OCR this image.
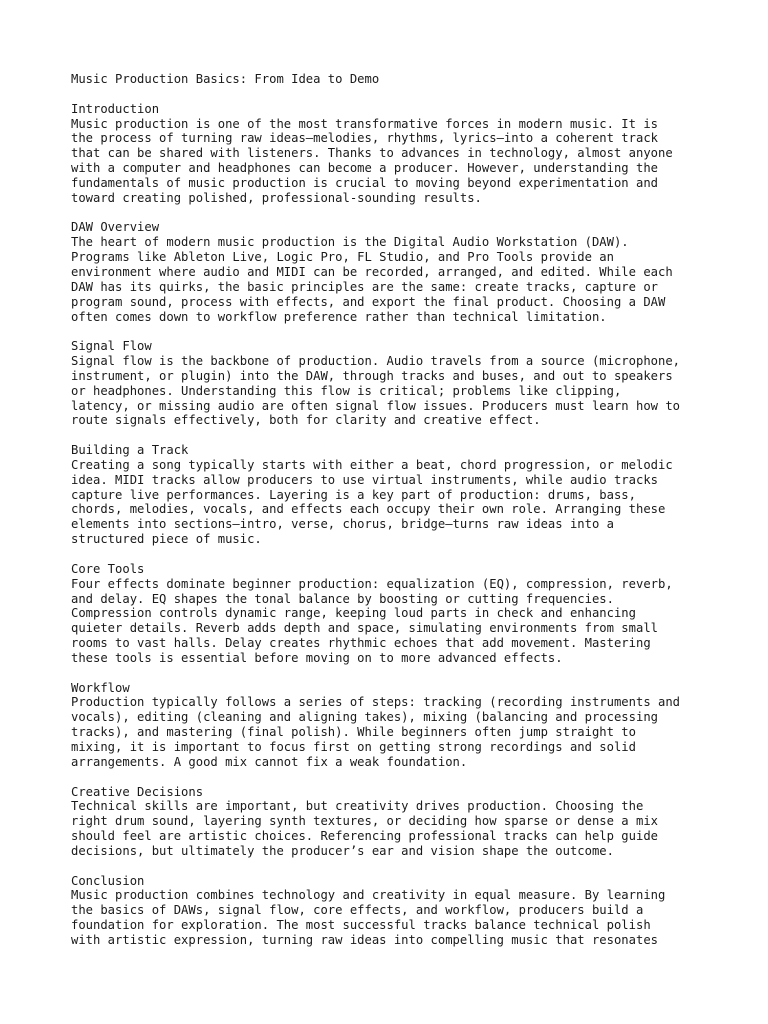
Music Production Basics: From Idea to Demo
Introduction
Music production is one of the most transformative forces in modern music. It is
the process of turning raw ideas—melodies, rhythms, lyrics—into a coherent track
that can be shared with listeners. Thanks to advances in technology, almost anyone
with a computer and headphones can become a producer. However, understanding the
fundamentals of music production is crucial to moving beyond experimentation and
toward creating polished, professional-sounding results.
DAW Overview
The heart of modern music production is the Digital Audio Workstation (DAW).
Programs like Ableton Live, Logic Pro, FL Studio, and Pro Tools provide an
environment where audio and MIDI can be recorded, arranged, and edited. While each
DAW has its quirks, the basic principles are the same: create tracks, capture or
program sound, process with effects, and export the final product. Choosing a DAW
often comes down to workflow preference rather than technical limitation.
Signal Flow
Signal flow is the backbone of production. Audio travels from a source (microphone,
instrument, or plugin) into the DAW, through tracks and buses, and out to speakers
or headphones. Understanding this flow is critical; problems like clipping,
latency, or missing audio are often signal flow issues. Producers must learn how to
route signals effectively, both for clarity and creative effect.
Building a Track
Creating a song typically starts with either a beat, chord progression, or melodic
idea. MIDI tracks allow producers to use virtual instruments, while audio tracks
capture live performances. Layering is a key part of production: drums, bass,
chords, melodies, vocals, and effects each occupy their own role. Arranging these
elements into sections—intro, verse, chorus, bridge—turns raw ideas into a
structured piece of music.
Core Tools
Four effects dominate beginner production: equalization (EQ), compression, reverb,
and delay. EQ shapes the tonal balance by boosting or cutting frequencies.
Compression controls dynamic range, keeping loud parts in check and enhancing
quieter details. Reverb adds depth and space, simulating environments from small
rooms to vast halls. Delay creates rhythmic echoes that add movement. Mastering
these tools is essential before moving on to more advanced effects.
Workflow
Production typically follows a series of steps: tracking (recording instruments and
vocals), editing (cleaning and aligning takes), mixing (balancing and processing
tracks), and mastering (final polish). While beginners often jump straight to
mixing, it is important to focus first on getting strong recordings and solid
arrangements. A good mix cannot fix a weak foundation.
Creative Decisions
Technical skills are important, but creativity drives production. Choosing the
right drum sound, layering synth textures, or deciding how sparse or dense a mix
should feel are artistic choices. Referencing professional tracks can help guide
decisions, but ultimately the producer’s ear and vision shape the outcome.
Conclusion
Music production combines technology and creativity in equal measure. By learning
the basics of DAWs, signal flow, core effects, and workflow, producers build a
foundation for exploration. The most successful tracks balance technical polish
with artistic expression, turning raw ideas into compelling music that resonates
